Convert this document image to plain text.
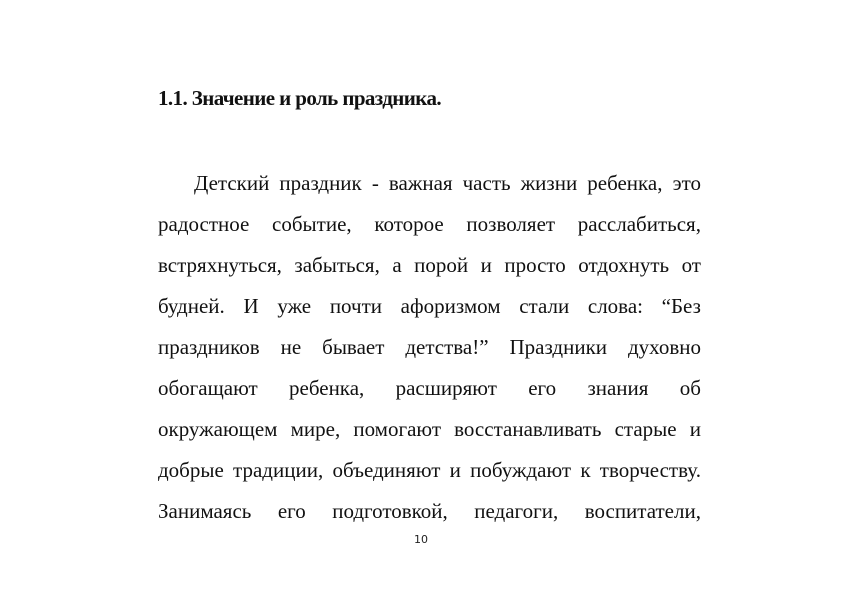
1.1. Значение и роль праздника.
Детский праздник - важная часть жизни ребенка, это
радостное событие, которое позволяет расслабиться,
встряхнуться, забыться, а порой и просто отдохнуть от
будней. И уже почти афоризмом стали слова: “Без
праздников не бывает детства!” Праздники духовно
обогащают ребенка, расширяют его знания об
окружающем мире, помогают восстанавливать старые и
добрые традиции, объединяют и побуждают к творчеству.
Занимаясь его подготовкой, педагоги, воспитатели,
10
